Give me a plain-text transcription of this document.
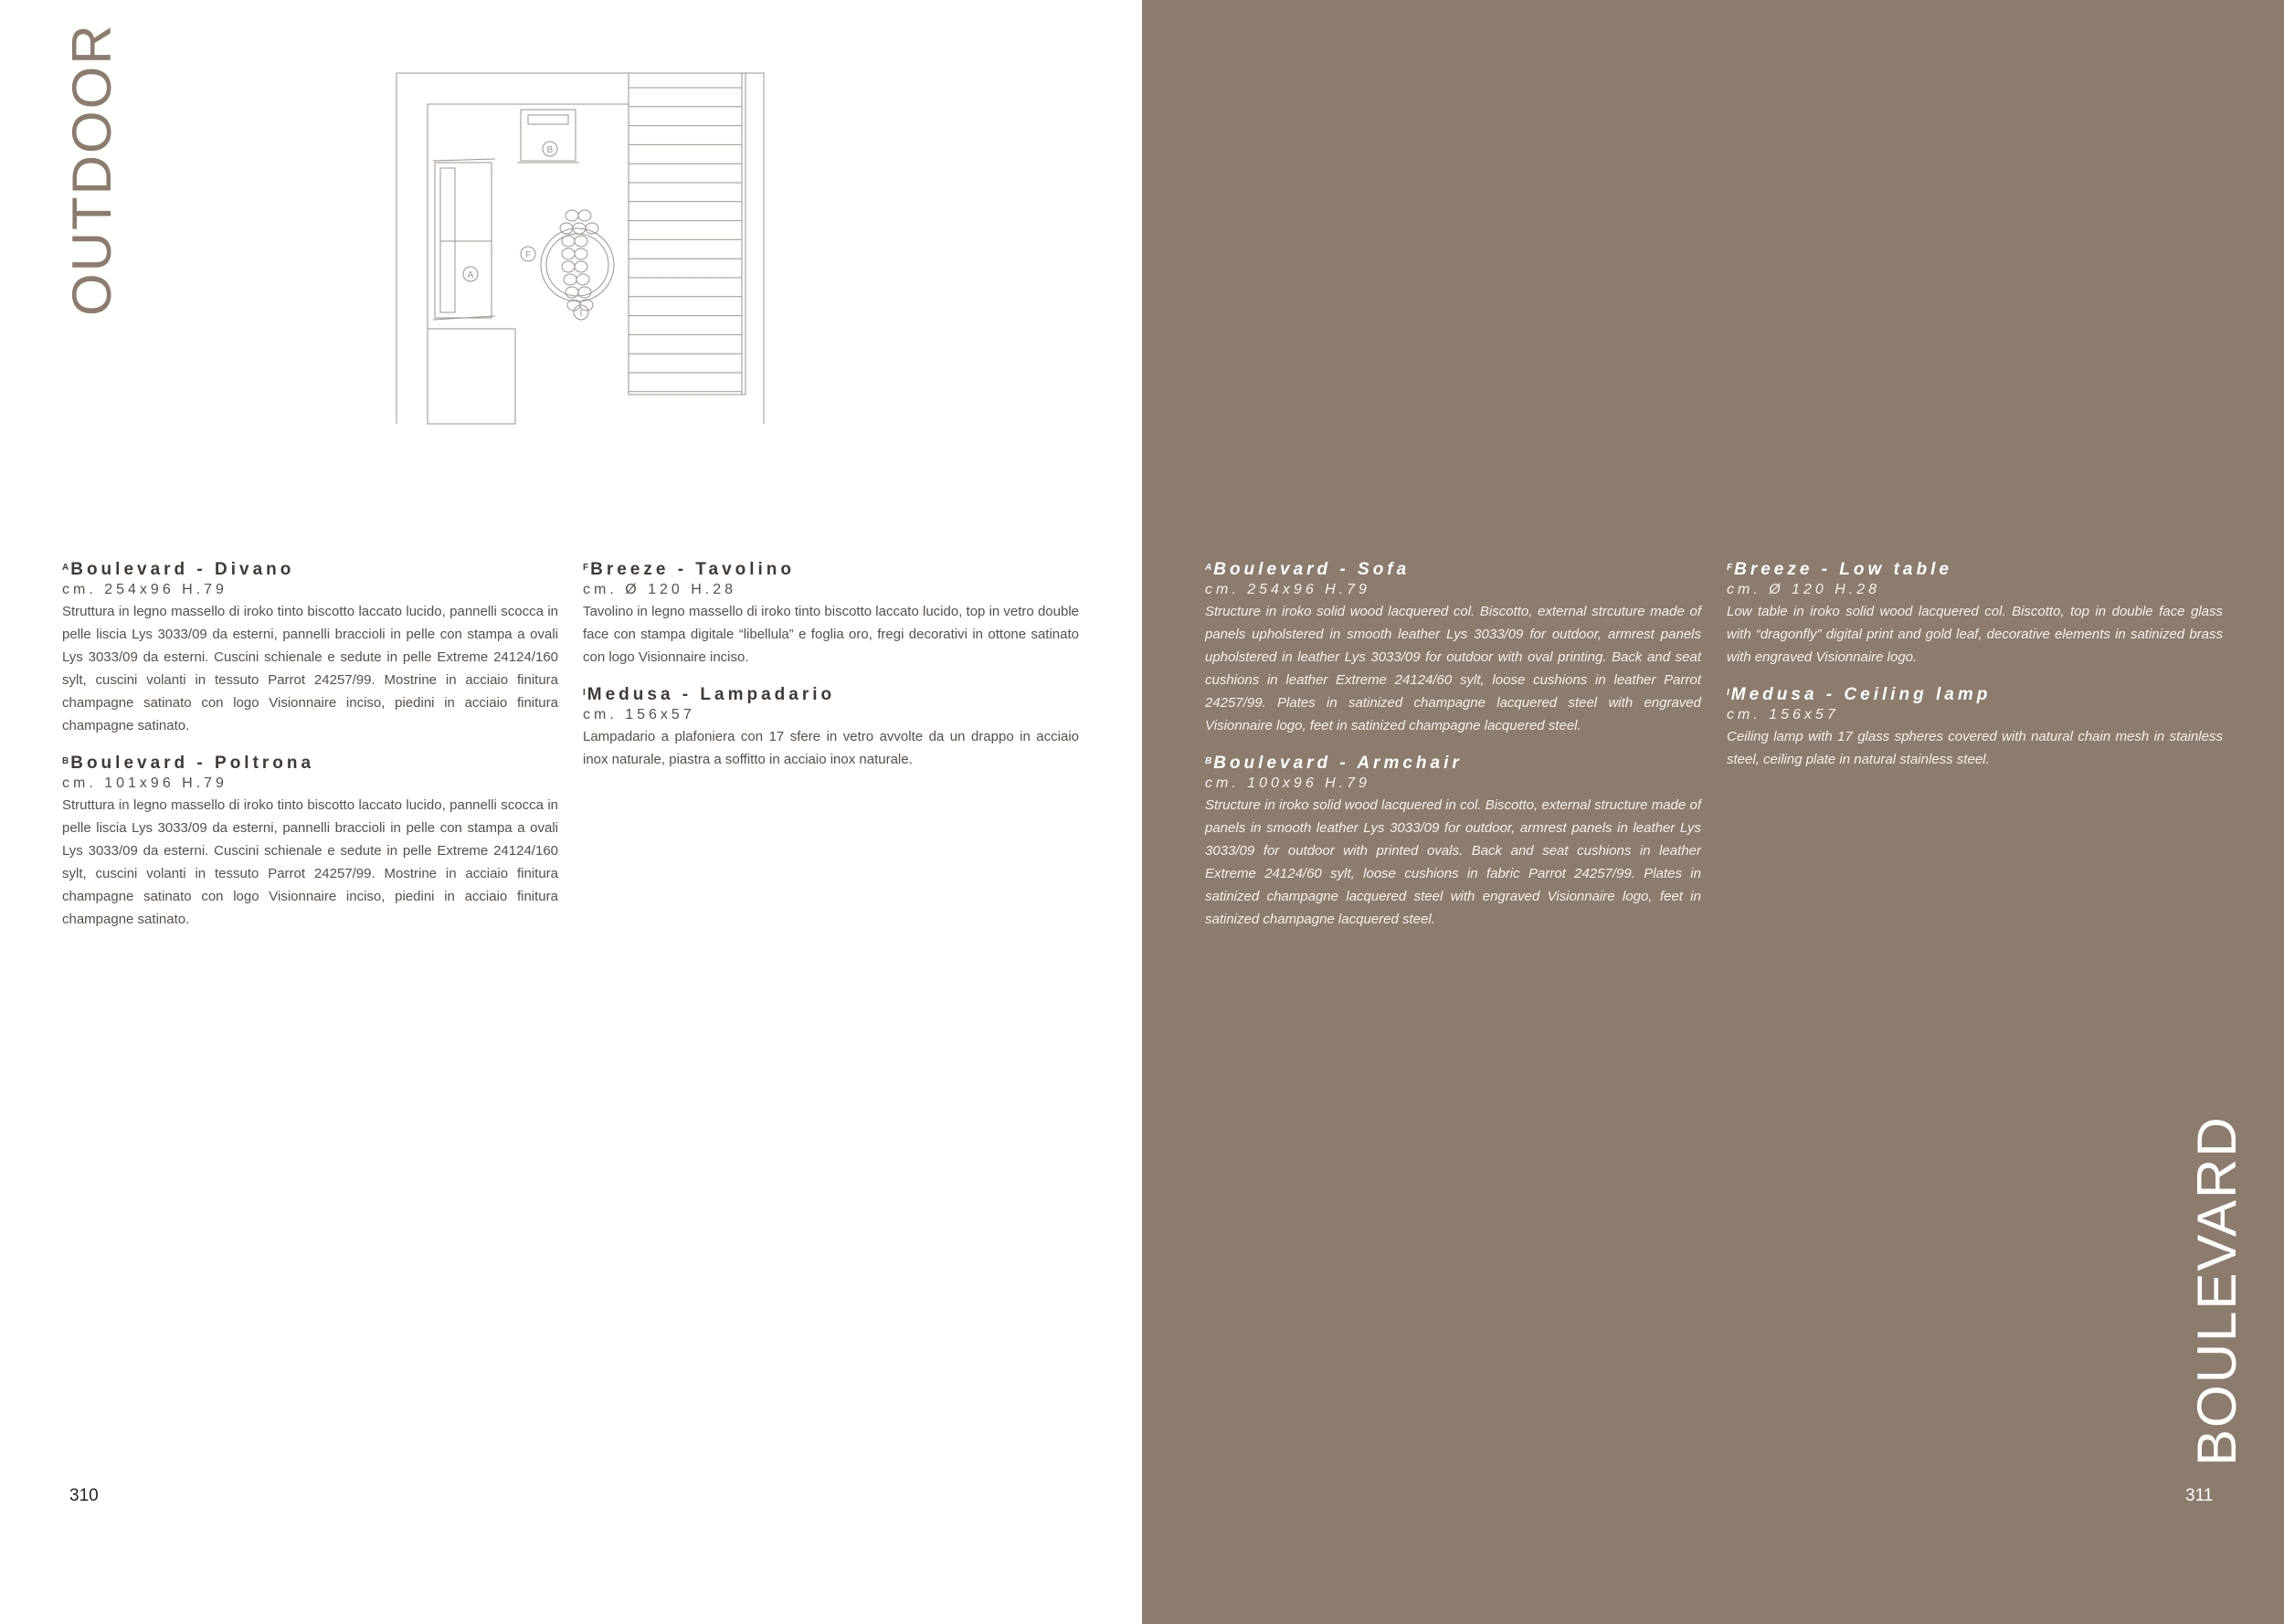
OUTDOOR	A
B
F
I
$^A$ Boulevard - Divano
cm. 254x96 H.79

Struttura in legno massello di iroko tinto biscotto laccato lucido, pannelli scocca in pelle liscia Lys 3033/09 da esterni, pannelli braccioli in pelle con stampa a ovali Lys 3033/09 da esterni. Cuscini schienale e sedute in pelle Extreme 24124/160 sylt, cuscini volanti in tessuto Parrot 24257/99. Mostrine in acciaio finitura champagne satinato con logo Visionnaire inciso, piedini in acciaio finitura champagne satinato.

$^B$ Boulevard - Poltrona
cm. 101x96 H.79

Struttura in legno massello di iroko tinto biscotto laccato lucido, pannelli scocca in pelle liscia Lys 3033/09 da esterni, pannelli braccioli in pelle con stampa a ovali Lys 3033/09 da esterni. Cuscini schienale e sedute in pelle Extreme 24124/160 sylt, cuscini volanti in tessuto Parrot 24257/99. Mostrine in acciaio finitura champagne satinato con logo Visionnaire inciso, piedini in acciaio finitura champagne satinato.

$^F$ Breeze - Tavolino
cm. Ø 120 H.28

Tavolino in legno massello di iroko tinto biscotto laccato lucido, top in vetro double face con stampa digitale “libellula” e foglia oro, fregi decorativi in ottone satinato con logo Visionnaire inciso.

$^I$ Medusa - Lampadario
cm. 156x57

Lampadario a plafoniera con 17 sfere in vetro avvolte da un drappo in acciaio inox naturale, piastra a soffitto in acciaio inox naturale.

310
$^A$ Boulevard - Sofa
cm. 254x96 H.79

Structure in iroko solid wood lacquered col. Biscotto, external strcuture made of panels upholstered in smooth leather Lys 3033/09 for outdoor, armrest panels upholstered in leather Lys 3033/09 for outdoor with oval printing. Back and seat cushions in leather Extreme 24124/60 sylt, loose cushions in leather Parrot 24257/99. Plates in satinized champagne lacquered steel with engraved Visionnaire logo, feet in satinized champagne lacquered steel.

$^B$ Boulevard - Armchair
cm. 100x96 H.79

Structure in iroko solid wood lacquered in col. Biscotto, external structure made of panels in smooth leather Lys 3033/09 for outdoor, armrest panels in leather Lys 3033/09 for outdoor with printed ovals. Back and seat cushions in leather Extreme 24124/60 sylt, loose cushions in fabric Parrot 24257/99. Plates in satinized champagne lacquered steel with engraved Visionnaire logo, feet in satinized champagne lacquered steel.

$^F$ Breeze - Low table
cm. Ø 120 H.28

Low table in iroko solid wood lacquered col. Biscotto, top in double face glass with “dragonfly” digital print and gold leaf, decorative elements in satinized brass with engraved Visionnaire logo.

$^I$ Medusa - Ceiling lamp
cm. 156x57

Ceiling lamp with 17 glass spheres covered with natural chain mesh in stainless steel, ceiling plate in natural stainless steel.

BOULEVARD
311
